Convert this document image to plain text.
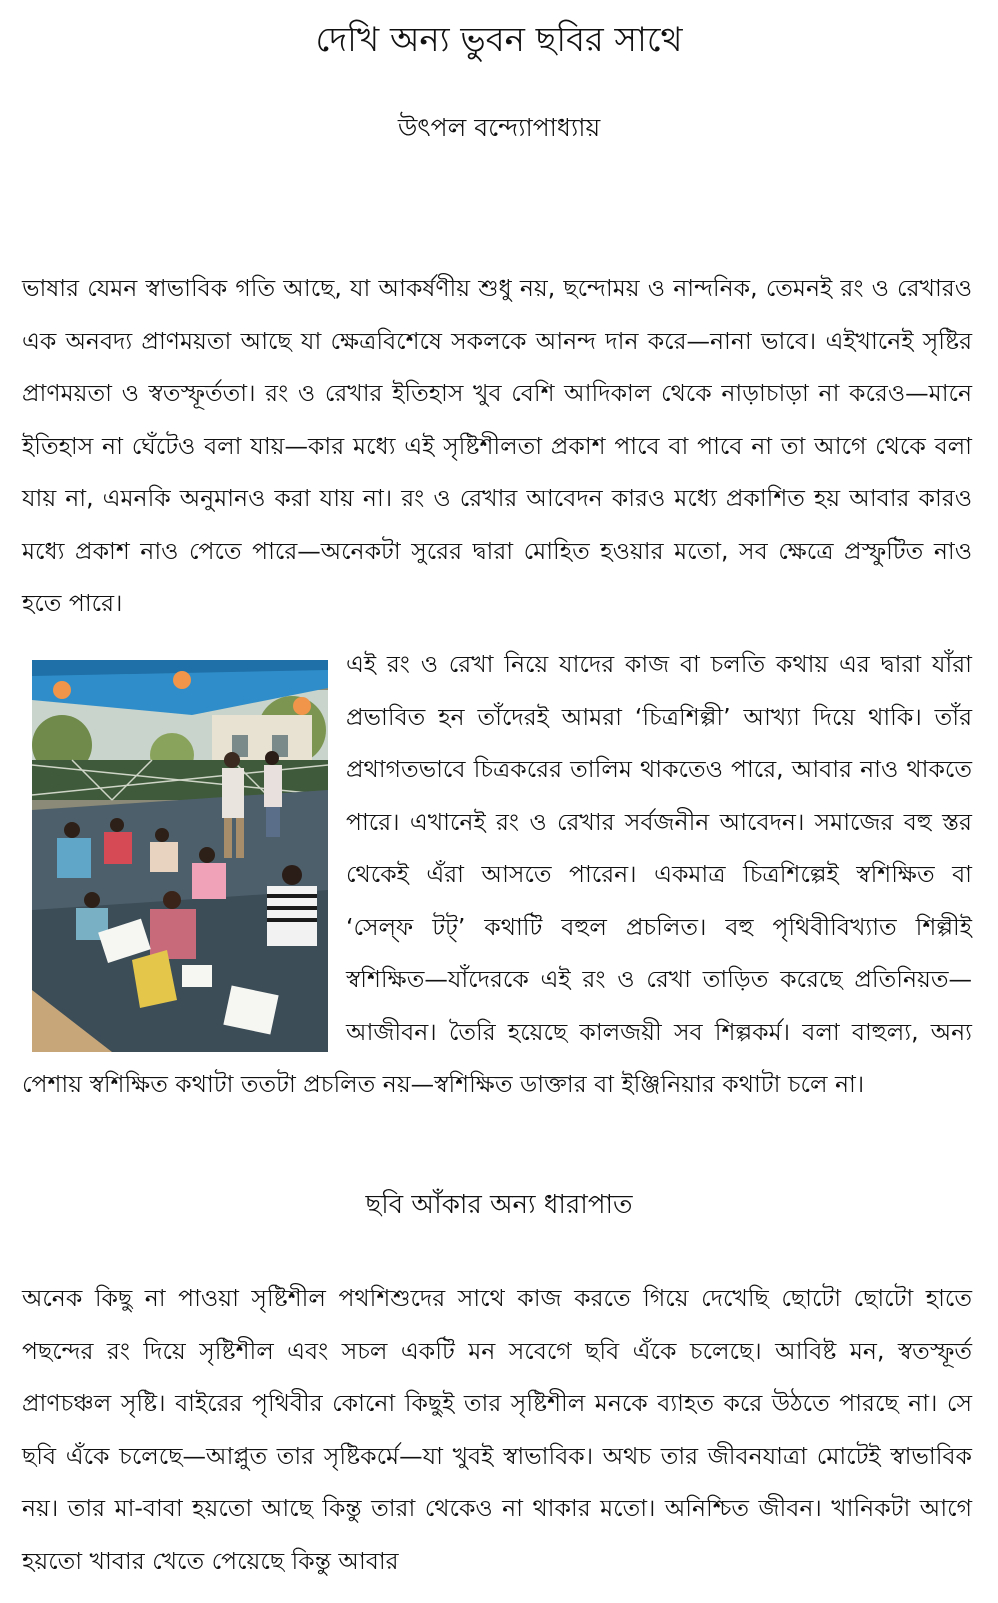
দেখি অন্য ভুবন ছবির সাথে
উৎপল বন্দ্যোপাধ্যায়

ভাষার যেমন স্বাভাবিক গতি আছে, যা আকর্ষণীয় শুধু নয়, ছন্দোময় ও নান্দনিক, তেমনই রং ও রেখারও এক অনবদ্য প্রাণময়তা আছে যা ক্ষেত্রবিশেষে সকলকে আনন্দ দান করে—নানা ভাবে। এইখানেই সৃষ্টির প্রাণময়তা ও স্বতস্ফূর্ততা। রং ও রেখার ইতিহাস খুব বেশি আদিকাল থেকে নাড়াচাড়া না করেও—মানে ইতিহাস না ঘেঁটেও বলা যায়—কার মধ্যে এই সৃষ্টিশীলতা প্রকাশ পাবে বা পাবে না তা আগে থেকে বলা যায় না, এমনকি অনুমানও করা যায় না। রং ও রেখার আবেদন কারও মধ্যে প্রকাশিত হয় আবার কারও মধ্যে প্রকাশ নাও পেতে পারে—অনেকটা সুরের দ্বারা মোহিত হওয়ার মতো, সব ক্ষেত্রে প্রস্ফুটিত নাও হতে পারে।

এই রং ও রেখা নিয়ে যাদের কাজ বা চলতি কথায় এর দ্বারা যাঁরা প্রভাবিত হন তাঁদেরই আমরা ‘চিত্রশিল্পী’ আখ্যা দিয়ে থাকি। তাঁর প্রথাগতভাবে চিত্রকরের তালিম থাকতেও পারে, আবার নাও থাকতে পারে। এখানেই রং ও রেখার সর্বজনীন আবেদন। সমাজের বহু স্তর থেকেই এঁরা আসতে পারেন। একমাত্র চিত্রশিল্পেই স্বশিক্ষিত বা ‘সেল্‌ফ টট্’ কথাটি বহুল প্রচলিত। বহু পৃথিবীবিখ্যাত শিল্পীই স্বশিক্ষিত—যাঁদেরকে এই রং ও রেখা তাড়িত করেছে প্রতিনিয়ত—আজীবন। তৈরি হয়েছে কালজয়ী সব শিল্পকর্ম। বলা বাহুল্য, অন্য পেশায় স্বশিক্ষিত কথাটা ততটা প্রচলিত নয়—স্বশিক্ষিত ডাক্তার বা ইঞ্জিনিয়ার কথাটা চলে না।
ছবি আঁকার অন্য ধারাপাত

অনেক কিছু না পাওয়া সৃষ্টিশীল পথশিশুদের সাথে কাজ করতে গিয়ে দেখেছি ছোটো ছোটো হাতে পছন্দের রং দিয়ে সৃষ্টিশীল এবং সচল একটি মন সবেগে ছবি এঁকে চলেছে। আবিষ্ট মন, স্বতস্ফূর্ত প্রাণচঞ্চল সৃষ্টি। বাইরের পৃথিবীর কোনো কিছুই তার সৃষ্টিশীল মনকে ব্যাহত করে উঠতে পারছে না। সে ছবি এঁকে চলেছে—আপ্লুত তার সৃষ্টিকর্মে—যা খুবই স্বাভাবিক। অথচ তার জীবনযাত্রা মোটেই স্বাভাবিক নয়। তার মা-বাবা হয়তো আছে কিন্তু তারা থেকেও না থাকার মতো। অনিশ্চিত জীবন। খানিকটা আগে হয়তো খাবার খেতে পেয়েছে কিন্তু আবার
